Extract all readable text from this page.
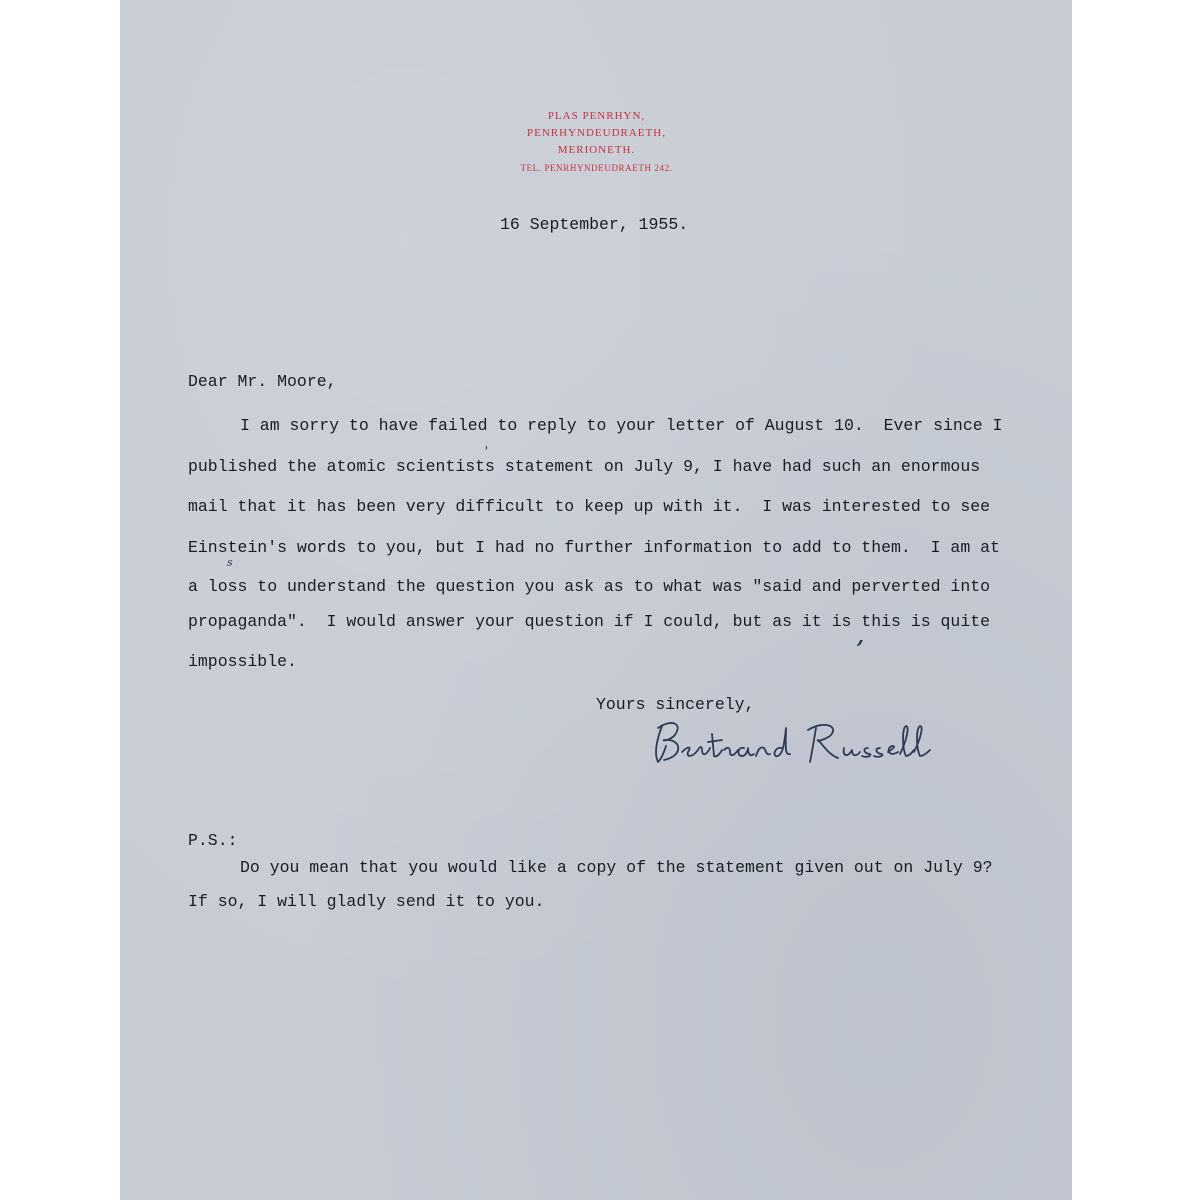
PLAS PENRHYN,
PENRHYNDEUDRAETH,
MERIONETH.
TEL. PENRHYNDEUDRAETH 242.
16 September, 1955.
Dear Mr. Moore,
I am sorry to have failed to reply to your letter of August 10.  Ever since I
published the atomic scientists statement on July 9, I have had such an enormous
mail that it has been very difficult to keep up with it.  I was interested to see
Einstein's words to you, but I had no further information to add to them.  I am at
a loss to understand the question you ask as to what was "said and perverted into
propaganda".  I would answer your question if I could, but as it is this is quite
impossible.
s
’
,
Yours sincerely,
P.S.:
Do you mean that you would like a copy of the statement given out on July 9?
If so, I will gladly send it to you.
